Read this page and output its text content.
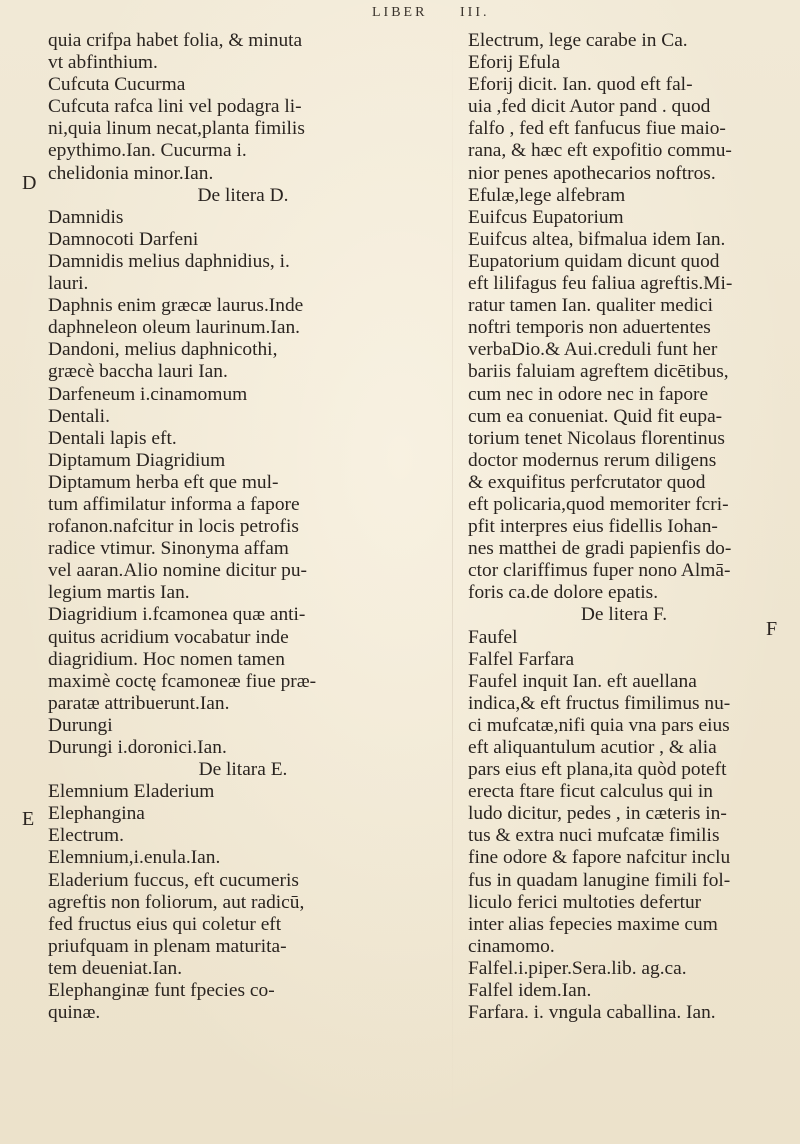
LIBER III.
D
E
F
quia crifpa habet folia, & minuta
vt abfinthium.
Cufcuta Cucurma
Cufcuta rafca lini vel podagra li-
ni,quia linum necat,planta fimilis
epythimo.Ian. Cucurma i.
chelidonia minor.Ian.
De litera D.
Damnidis
Damnocoti Darfeni
Damnidis melius daphnidius, i.
lauri.
Daphnis enim græcæ laurus.Inde
daphneleon oleum laurinum.Ian.
Dandoni, melius daphnicothi,
græcè baccha lauri Ian.
Darfeneum i.cinamomum
Dentali.
Dentali lapis eft.
Diptamum Diagridium
Diptamum herba eft que mul-
tum affimilatur informa a fapore
rofanon.nafcitur in locis petrofis
radice vtimur. Sinonyma affam
vel aaran.Alio nomine dicitur pu-
legium martis Ian.
Diagridium i.fcamonea quæ anti-
quitus acridium vocabatur inde
diagridium. Hoc nomen tamen
maximè coctę fcamoneæ fiue præ-
paratæ attribuerunt.Ian.
Durungi
Durungi i.doronici.Ian.
De litara E.
Elemnium Eladerium
Elephangina
Electrum.
Elemnium,i.enula.Ian.
Eladerium fuccus, eft cucumeris
agreftis non foliorum, aut radicū,
fed fructus eius qui coletur eft
priufquam in plenam maturita-
tem deueniat.Ian.
Elephanginæ funt fpecies co-
quinæ.
Electrum, lege carabe in Ca.
Eforij Efula
Eforij dicit. Ian. quod eft fal-
uia ,fed dicit Autor pand . quod
falfo , fed eft fanfucus fiue maio-
rana, & hæc eft expofitio commu-
nior penes apothecarios noftros.
Efulæ,lege alfebram
Euifcus Eupatorium
Euifcus altea, bifmalua idem Ian.
Eupatorium quidam dicunt quod
eft lilifagus feu faliua agreftis.Mi-
ratur tamen Ian. qualiter medici
noftri temporis non aduertentes
verbaDio.& Aui.creduli funt her
bariis faluiam agreftem dicētibus,
cum nec in odore nec in fapore
cum ea conueniat. Quid fit eupa-
torium tenet Nicolaus florentinus
doctor modernus rerum diligens
& exquifitus perfcrutator quod
eft policaria,quod memoriter fcri-
pfit interpres eius fidellis Iohan-
nes matthei de gradi papienfis do-
ctor clariffimus fuper nono Almā-
foris ca.de dolore epatis.
De litera F.
Faufel
Falfel Farfara
Faufel inquit Ian. eft auellana
indica,& eft fructus fimilimus nu-
ci mufcatæ,nifi quia vna pars eius
eft aliquantulum acutior , & alia
pars eius eft plana,ita quòd poteft
erecta ftare ficut calculus qui in
ludo dicitur, pedes , in cæteris in-
tus & extra nuci mufcatæ fimilis
fine odore & fapore nafcitur inclu
fus in quadam lanugine fimili fol-
liculo ferici multoties defertur
inter alias fepecies maxime cum
cinamomo.
Falfel.i.piper.Sera.lib. ag.ca.
Falfel idem.Ian.
Farfara. i. vngula caballina. Ian.
